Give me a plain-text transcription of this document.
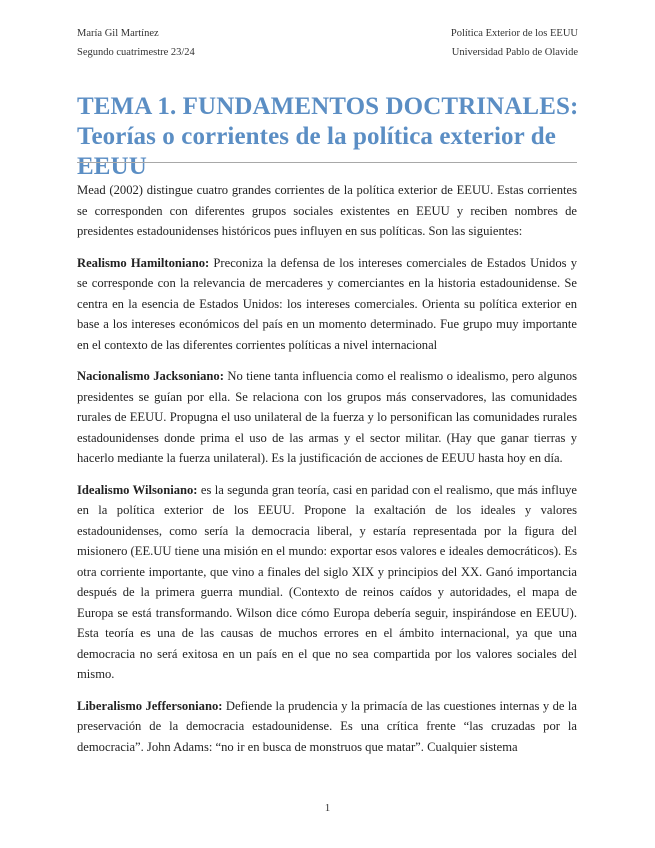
María Gil Martínez
Segundo cuatrimestre 23/24
Política Exterior de los EEUU
Universidad Pablo de Olavide
TEMA 1. FUNDAMENTOS DOCTRINALES:
Teorías o corrientes de la política exterior de EEUU

Mead (2002) distingue cuatro grandes corrientes de la política exterior de EEUU. Estas corrientes se corresponden con diferentes grupos sociales existentes en EEUU y reciben nombres de presidentes estadounidenses históricos pues influyen en sus políticas. Son las siguientes:

Realismo Hamiltoniano: Preconiza la defensa de los intereses comerciales de Estados Unidos y se corresponde con la relevancia de mercaderes y comerciantes en la historia estadounidense. Se centra en la esencia de Estados Unidos: los intereses comerciales. Orienta su política exterior en base a los intereses económicos del país en un momento determinado. Fue grupo muy importante en el contexto de las diferentes corrientes políticas a nivel internacional

Nacionalismo Jacksoniano: No tiene tanta influencia como el realismo o idealismo, pero algunos presidentes se guían por ella. Se relaciona con los grupos más conservadores, las comunidades rurales de EEUU. Propugna el uso unilateral de la fuerza y lo personifican las comunidades rurales estadounidenses donde prima el uso de las armas y el sector militar. (Hay que ganar tierras y hacerlo mediante la fuerza unilateral). Es la justificación de acciones de EEUU hasta hoy en día.

Idealismo Wilsoniano: es la segunda gran teoría, casi en paridad con el realismo, que más influye en la política exterior de los EEUU. Propone la exaltación de los ideales y valores estadounidenses, como sería la democracia liberal, y estaría representada por la figura del misionero (EE.UU tiene una misión en el mundo: exportar esos valores e ideales democráticos). Es otra corriente importante, que vino a finales del siglo XIX y principios del XX. Ganó importancia después de la primera guerra mundial. (Contexto de reinos caídos y autoridades, el mapa de Europa se está transformando. Wilson dice cómo Europa debería seguir, inspirándose en EEUU). Esta teoría es una de las causas de muchos errores en el ámbito internacional, ya que una democracia no será exitosa en un país en el que no sea compartida por los valores sociales del mismo.

Liberalismo Jeffersoniano: Defiende la prudencia y la primacía de las cuestiones internas y de la preservación de la democracia estadounidense. Es una crítica frente “las cruzadas por la democracia”. John Adams: “no ir en busca de monstruos que matar”. Cualquier sistema

1
